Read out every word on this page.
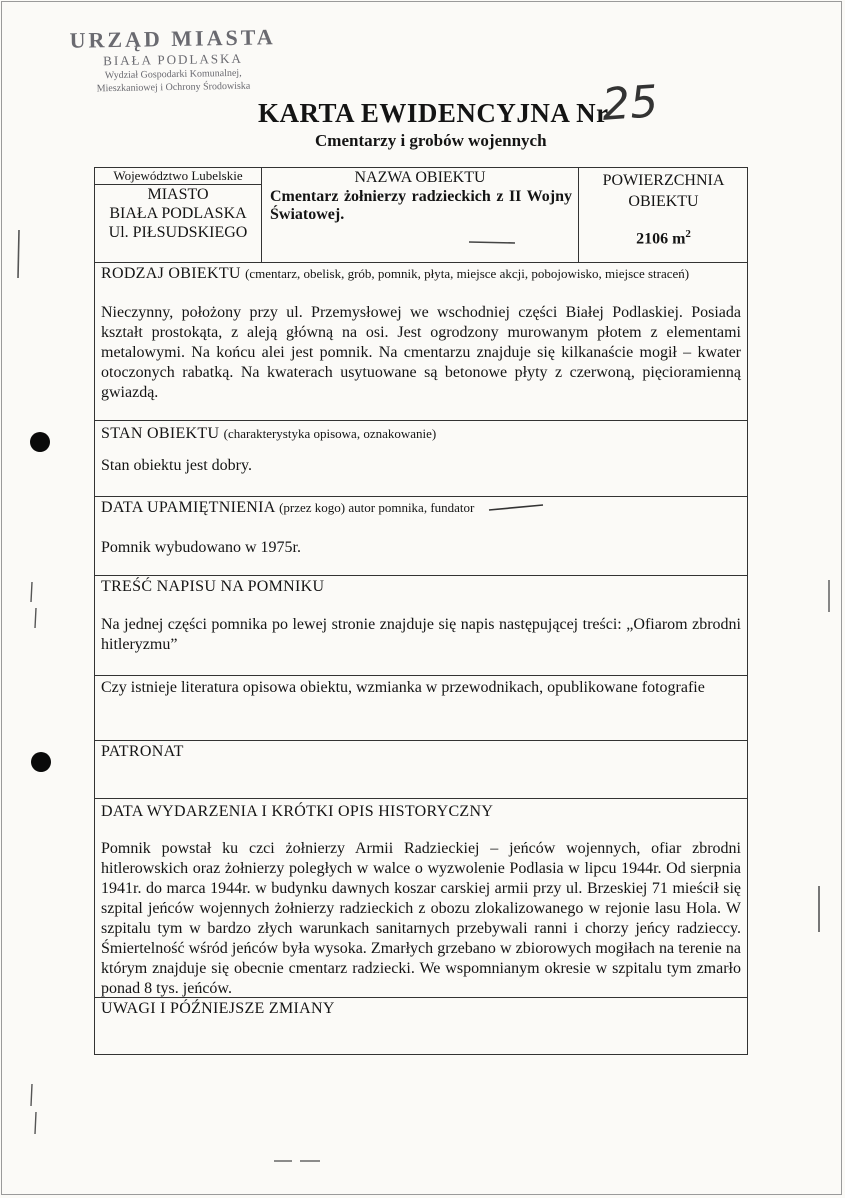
URZĄD MIASTA
BIAŁA PODLASKA
Wydział Gospodarki Komunalnej,
Mieszkaniowej i Ochrony Środowiska
KARTA EWIDENCYJNA Nr
25
Cmentarzy i grobów wojennych
Województwo Lubelskie
MIASTO
BIAŁA PODLASKA
Ul. PIŁSUDSKIEGO
NAZWA OBIEKTU
Cmentarz żołnierzy radzieckich z II Wojny Światowej.
POWIERZCHNIA OBIEKTU
2106 $m^2$
RODZAJ OBIEKTU (cmentarz, obelisk, grób, pomnik, płyta, miejsce akcji, pobojowisko, miejsce straceń)
Nieczynny, położony przy ul. Przemysłowej we wschodniej części Białej Podlaskiej. Posiada kształt prostokąta, z aleją główną na osi. Jest ogrodzony murowanym płotem z elementami metalowymi. Na końcu alei jest pomnik. Na cmentarzu znajduje się kilkanaście mogił – kwater otoczonych rabatką. Na kwaterach usytuowane są betonowe płyty z czerwoną, pięcioramienną gwiazdą.
STAN OBIEKTU (charakterystyka opisowa, oznakowanie)
Stan obiektu jest dobry.
DATA UPAMIĘTNIENIA (przez kogo) autor pomnika, fundator
Pomnik wybudowano w 1975r.
TREŚĆ NAPISU NA POMNIKU
Na jednej części pomnika po lewej stronie znajduje się napis następującej treści: „Ofiarom zbrodni hitleryzmu”
Czy istnieje literatura opisowa obiektu, wzmianka w przewodnikach, opublikowane fotografie
PATRONAT
DATA WYDARZENIA I KRÓTKI OPIS HISTORYCZNY
Pomnik powstał ku czci żołnierzy Armii Radzieckiej – jeńców wojennych, ofiar zbrodni hitlerowskich oraz żołnierzy poległych w walce o wyzwolenie Podlasia w lipcu 1944r. Od sierpnia 1941r. do marca 1944r. w budynku dawnych koszar carskiej armii przy ul. Brzeskiej 71 mieścił się szpital jeńców wojennych żołnierzy radzieckich z obozu zlokalizowanego w rejonie lasu Hola. W szpitalu tym w bardzo złych warunkach sanitarnych przebywali ranni i chorzy jeńcy radzieccy. Śmiertelność wśród jeńców była wysoka. Zmarłych grzebano w zbiorowych mogiłach na terenie na którym znajduje się obecnie cmentarz radziecki. We wspomnianym okresie w szpitalu tym zmarło ponad 8 tys. jeńców.
UWAGI I PÓŹNIEJSZE ZMIANY
